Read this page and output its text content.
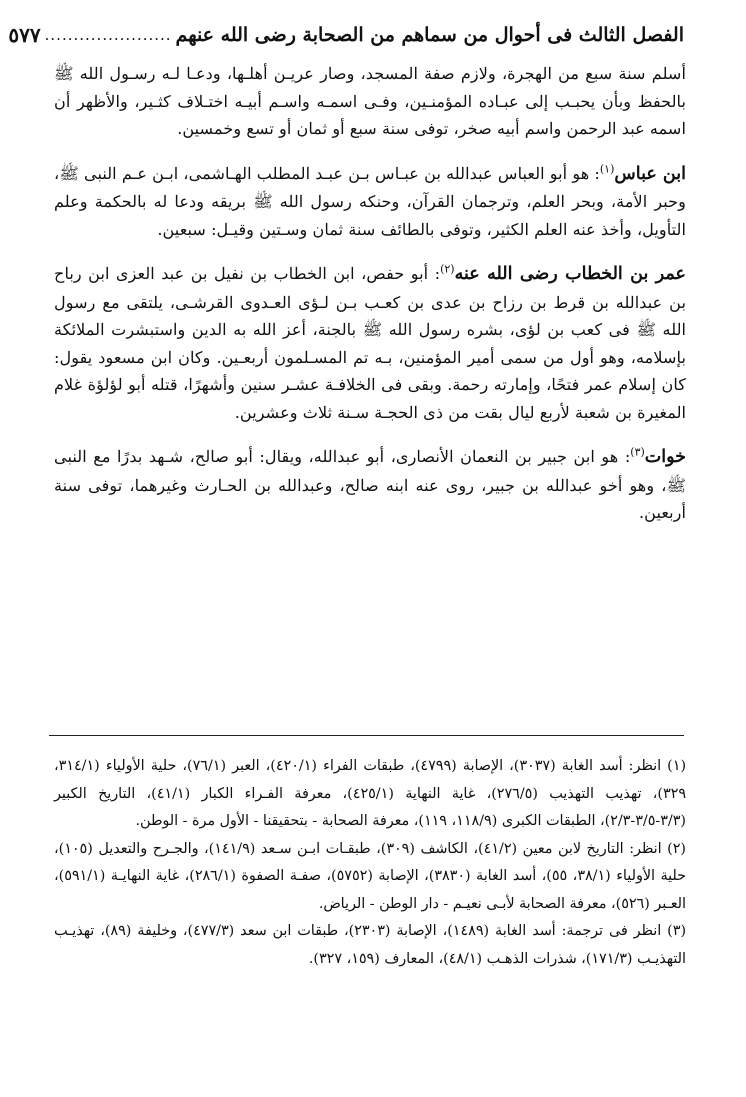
الفصل الثالث فى أحوال من سماهم من الصحابة رضى الله عنهم
......................
٥٧٧

أسلم سنة سبع من الهجرة، ولازم صفة المسجد، وصار عريـن أهلـها، ودعـا لـه رسـول الله ﷺ بالحفظ وبأن يحبـب إلى عبـاده المؤمنـين، وفـى اسمـه واسـم أبيـه اختـلاف كثـير، والأظهر أن اسمه عبد الرحمن واسم أبيه صخر، توفى سنة سبع أو ثمان أو تسع وخمسين.

ابن عباس$^{(١)}$: هو أبو العباس عبدالله بن عبـاس بـن عبـد المطلب الهـاشمى، ابـن عـم النبى ﷺ، وحبر الأمة، وبحر العلم، وترجمان القرآن، وحنكه رسول الله ﷺ بريقه ودعا له بالحكمة وعلم التأويل، وأخذ عنه العلم الكثير، وتوفى بالطائف سنة ثمان وسـتين وقيـل: سبعين.

عمر بن الخطاب رضى الله عنه$^{(٢)}$: أبو حفص، ابن الخطاب بن نفيل بن عبد العزى ابن رباح بن عبدالله بن قرط بن رزاح بن عدى بن كعـب بـن لـؤى العـدوى القرشـى، يلتقى مع رسول الله ﷺ فى كعب بن لؤى، بشره رسول الله ﷺ بالجنة، أعز الله به الدين واستبشرت الملائكة بإسلامه، وهو أول من سمى أمير المؤمنين، بـه تم المسـلمون أربعـين. وكان ابن مسعود يقول: كان إسلام عمر فتحًا، وإمارته رحمة. وبقى فى الخلافـة عشـر سنين وأشهرًا، قتله أبو لؤلؤة غلام المغيرة بن شعبة لأربع ليال بقت من ذى الحجـة سـنة ثلاث وعشرين.

خوات$^{(٣)}$: هو ابن جبير بن النعمان الأنصارى، أبو عبدالله، ويقال: أبو صالح، شـهد بدرًا مع النبى ﷺ، وهو أخو عبدالله بن جبير، روى عنه ابنه صالح، وعبدالله بن الحـارث وغيرهما، توفى سنة أربعين.

(١) انظر: أسد الغابة (٣٠٣٧)، الإصابة (٤٧٩٩)، طبقات الفراء (٤٢٠/١)، العبر (٧٦/١)، حلية الأولياء (٣١٤/١، ٣٢٩)، تهذيب التهذيب (٢٧٦/٥)، غاية النهاية (٤٢٥/١)، معرفة الفـراء الكبار (٤١/١)، التاريخ الكبير (٣/٣-٣/٥-٢/٣)، الطبقات الكبرى (١١٨/٩، ١١٩)، معرفة الصحابة - بتحقيقنا - الأول مرة - الوطن.

(٢) انظر: التاريخ لابن معين (٤١/٢)، الكاشف (٣٠٩)، طبقـات ابـن سـعد (١٤١/٩)، والجـرح والتعديل (١٠٥)، حلية الأولياء (٣٨/١، ٥٥)، أسد الغابة (٣٨٣٠)، الإصابة (٥٧٥٢)، صفـة الصفوة (٢٨٦/١)، غاية النهايـة (٥٩١/١)، العـبر (٥٢٦)، معرفة الصحابة لأبـى نعيـم - دار الوطن - الرياض.

(٣) انظر فى ترجمة: أسد الغابة (١٤٨٩)، الإصابة (٢٣٠٣)، طبقات ابن سعد (٤٧٧/٣)، وخليفة (٨٩)، تهذيـب التهذيـب (١٧١/٣)، شذرات الذهـب (٤٨/١)، المعارف (١٥٩، ٣٢٧).
